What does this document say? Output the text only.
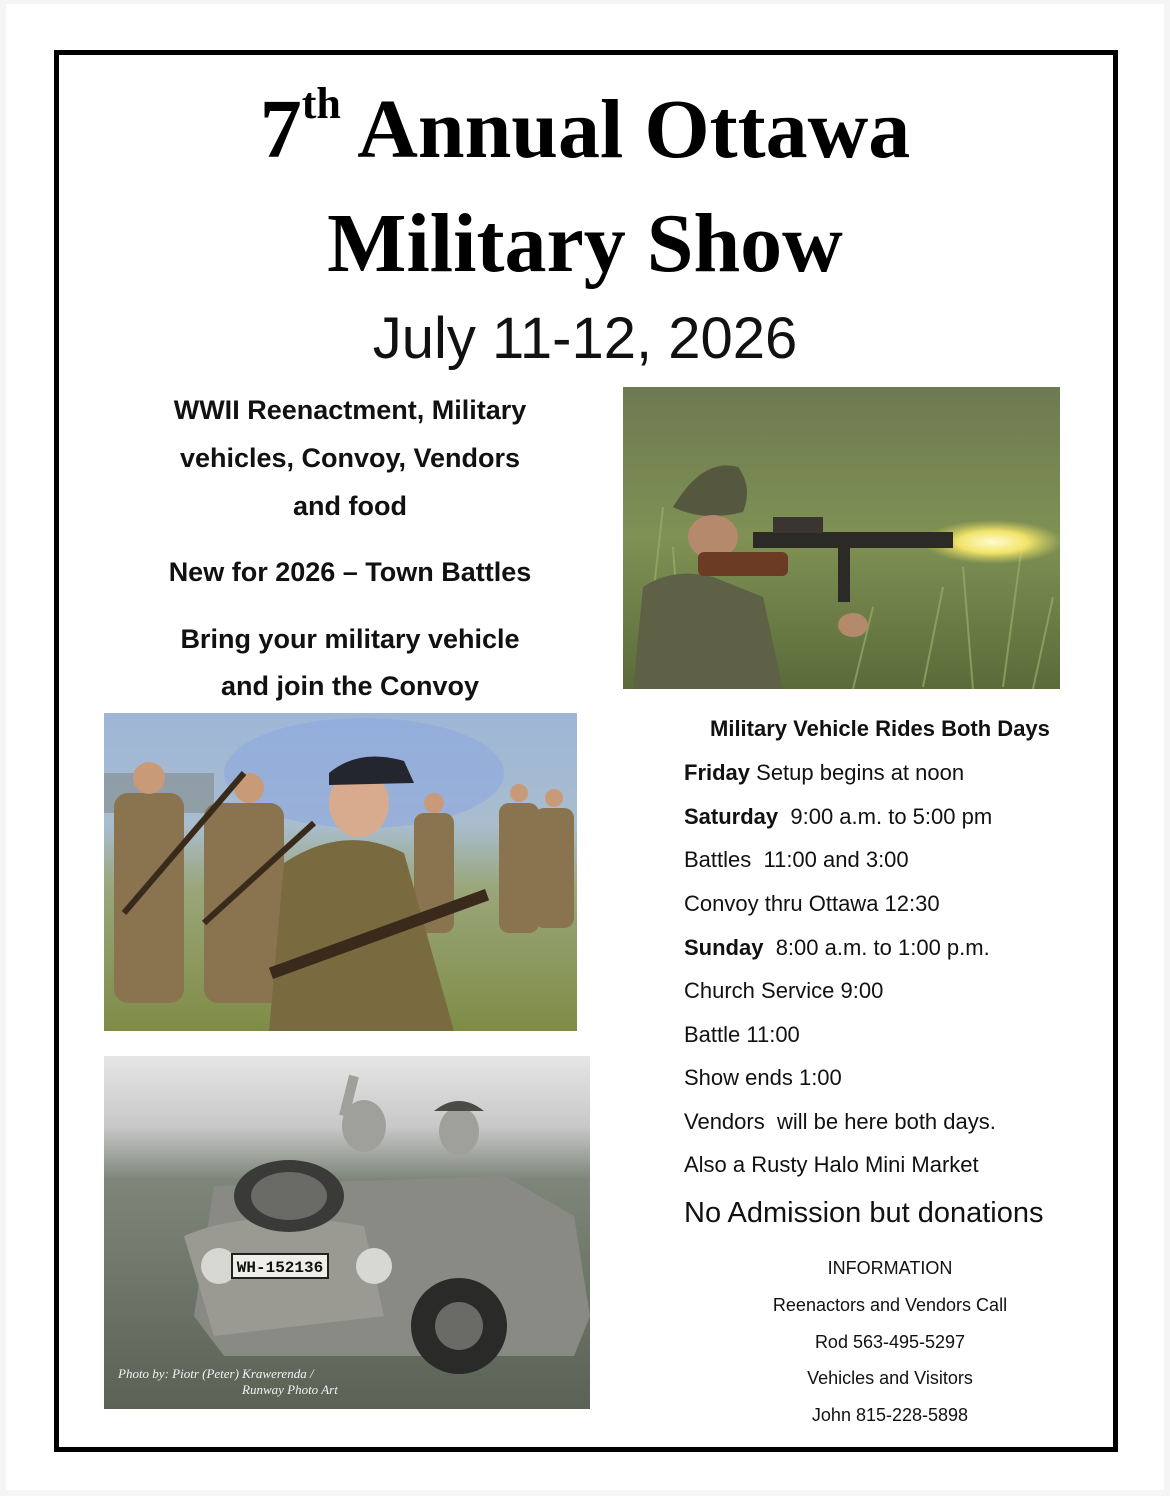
7th Annual Ottawa
Military Show
July 11-12, 2026
WWII Reenactment, Military
vehicles, Convoy, Vendors
and food
New for 2026 – Town Battles
Bring your military vehicle
and join the Convoy
WH-152136
Photo by: Piotr (Peter) Krawerenda /
Runway Photo Art
Military Vehicle Rides Both Days
Friday Setup begins at noon
Saturday  9:00 a.m. to 5:00 pm
Battles  11:00 and 3:00
Convoy thru Ottawa 12:30
Sunday  8:00 a.m. to 1:00 p.m.
Church Service 9:00
Battle 11:00
Show ends 1:00
Vendors  will be here both days.
Also a Rusty Halo Mini Market
No Admission but donations
INFORMATION
Reenactors and Vendors Call
Rod 563-495-5297
Vehicles and Visitors
John 815-228-5898
